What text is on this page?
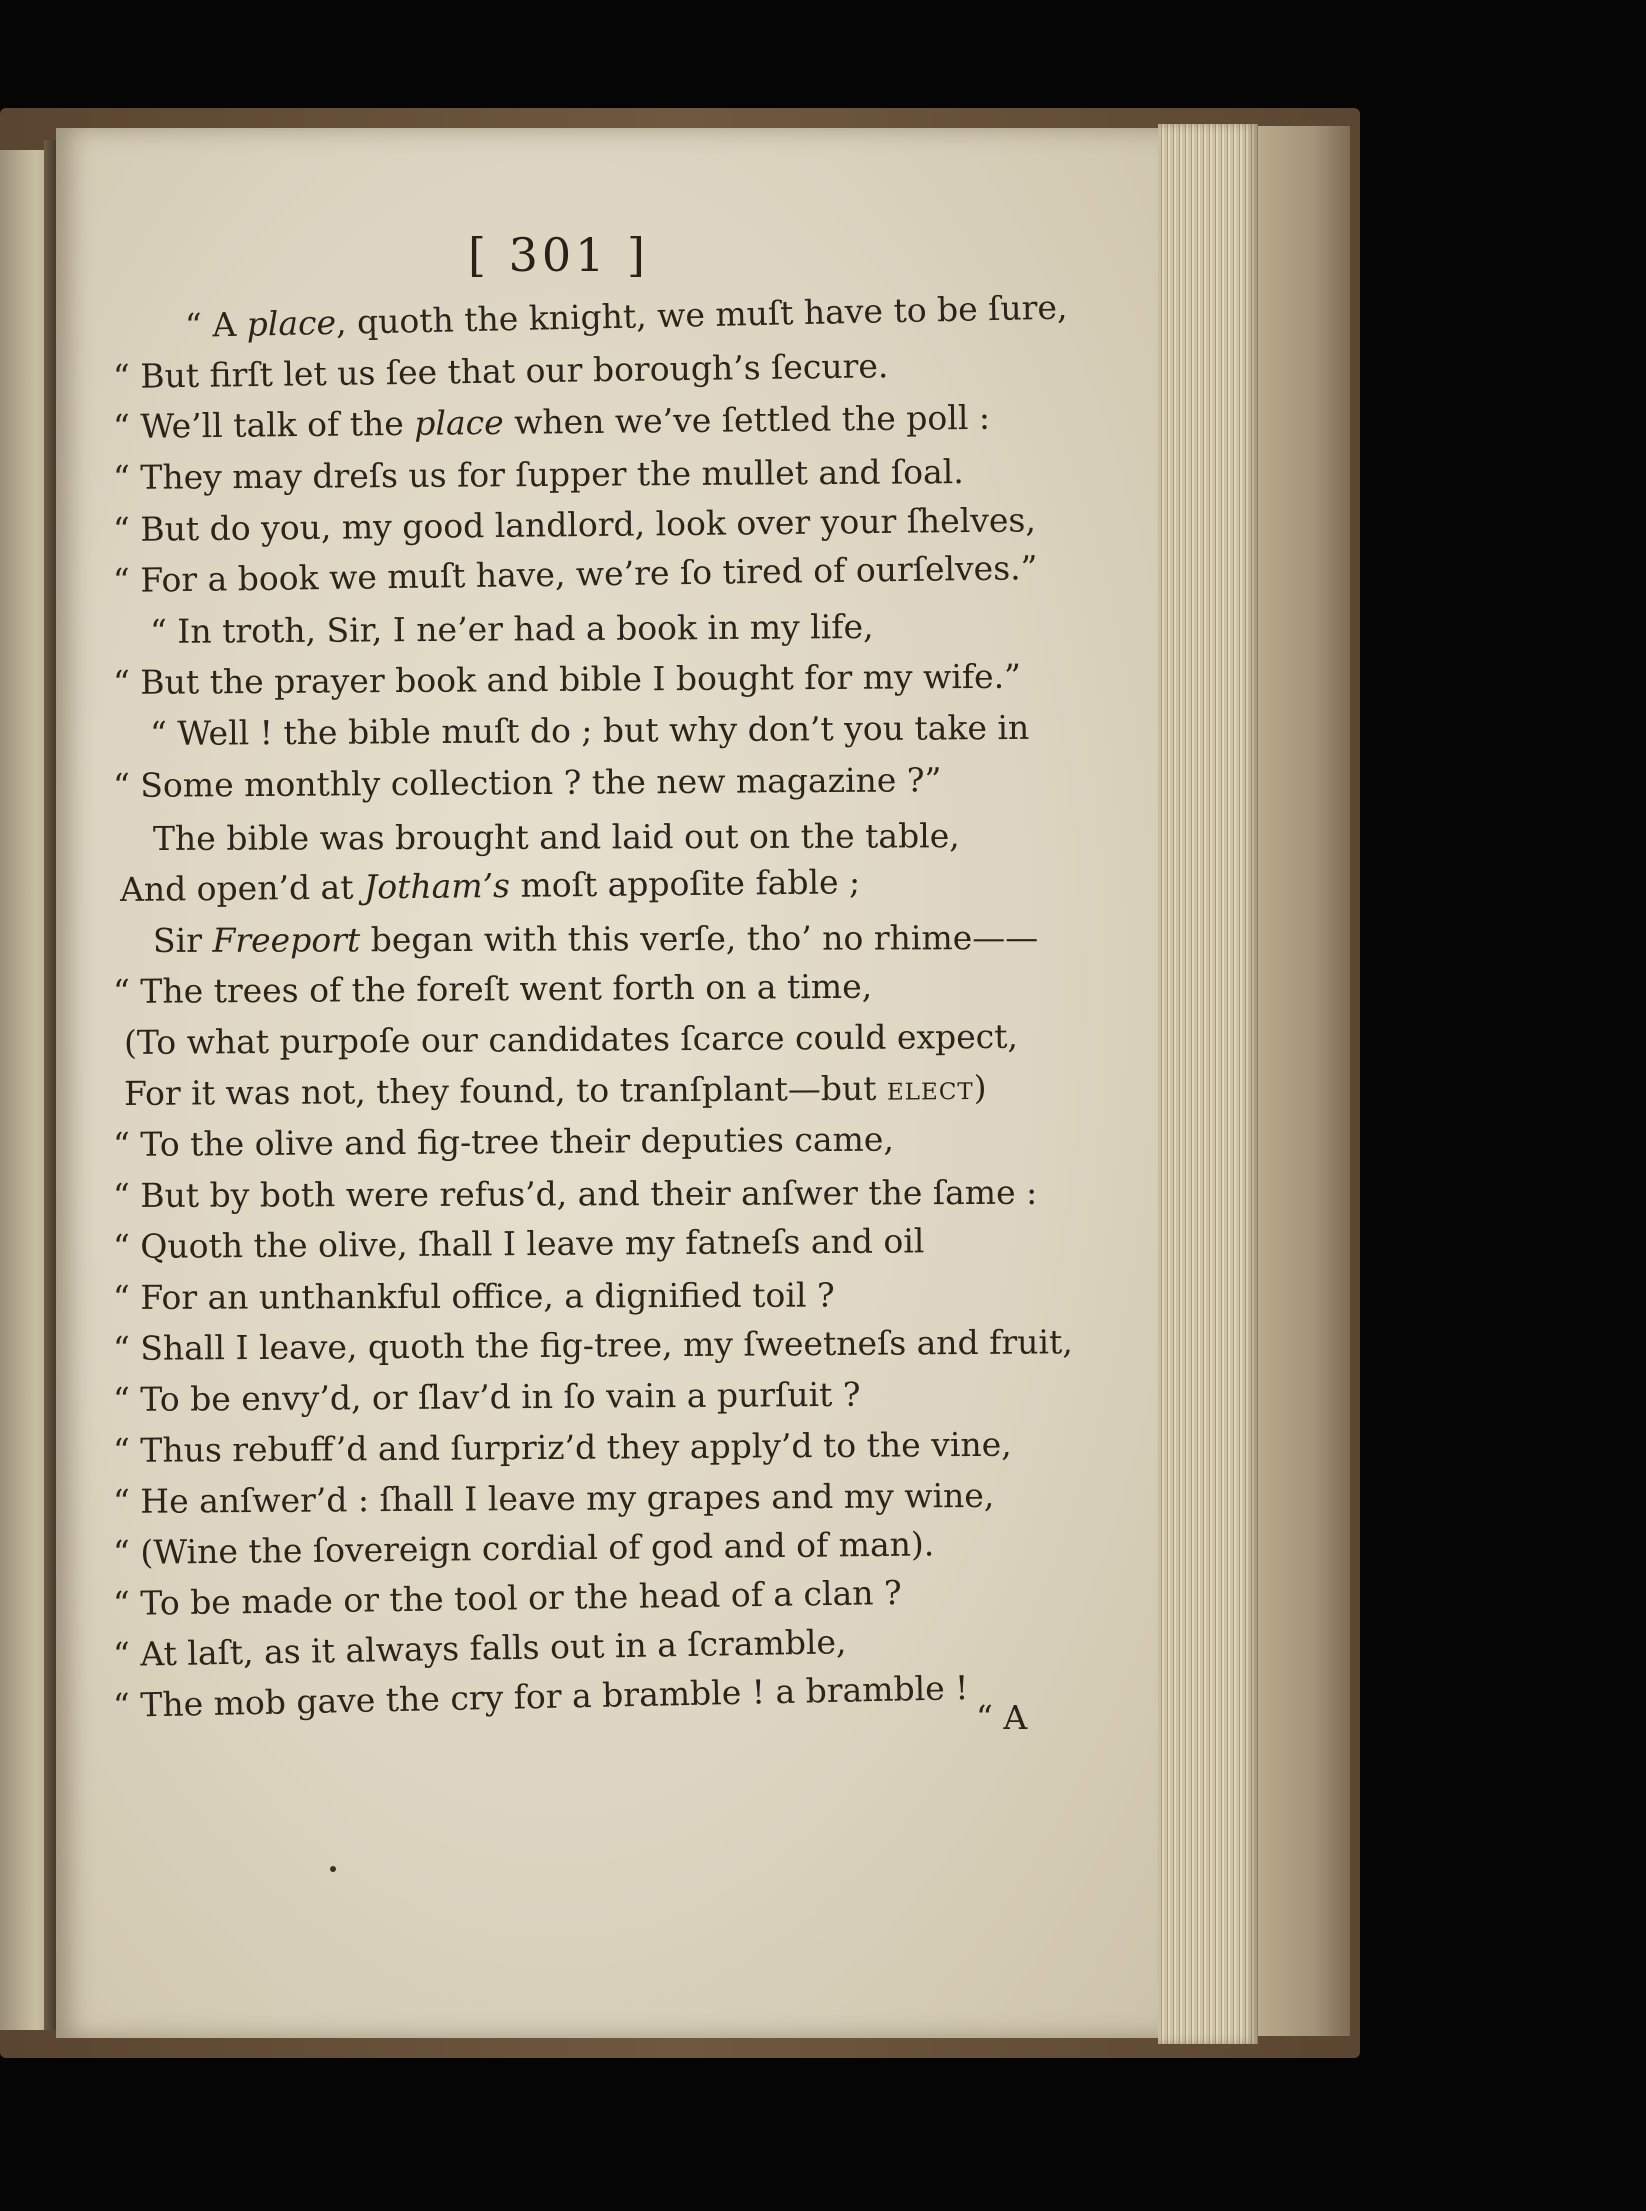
[ 301 ]
“ A place, quoth the knight, we muſt have to be ſure,
“ But firſt let us ſee that our borough’s ſecure.
“ We’ll talk of the place when we’ve ſettled the poll :
“ They may dreſs us for ſupper the mullet and ſoal.
“ But do you, my good landlord, look over your ſhelves,
“ For a book we muſt have, we’re ſo tired of ourſelves.”
“ In troth, Sir, I ne’er had a book in my life,
“ But the prayer book and bible I bought for my wife.”
“ Well ! the bible muſt do ; but why don’t you take in
“ Some monthly collection ? the new magazine ?”
The bible was brought and laid out on the table,
And open’d at Jotham’s moſt appoſite fable ;
Sir Freeport began with this verſe, tho’ no rhime——
“ The trees of the foreſt went forth on a time,
(To what purpoſe our candidates ſcarce could expect,
For it was not, they found, to tranſplant—but elect)
“ To the olive and fig-tree their deputies came,
“ But by both were refus’d, and their anſwer the ſame :
“ Quoth the olive, ſhall I leave my fatneſs and oil
“ For an unthankful office, a dignified toil ?
“ Shall I leave, quoth the fig-tree, my ſweetneſs and fruit,
“ To be envy’d, or ſlav’d in ſo vain a purſuit ?
“ Thus rebuff’d and ſurpriz’d they apply’d to the vine,
“ He anſwer’d : ſhall I leave my grapes and my wine,
“ (Wine the ſovereign cordial of god and of man).
“ To be made or the tool or the head of a clan ?
“ At laſt, as it always falls out in a ſcramble,
“ The mob gave the cry for a bramble ! a bramble ! “ A
